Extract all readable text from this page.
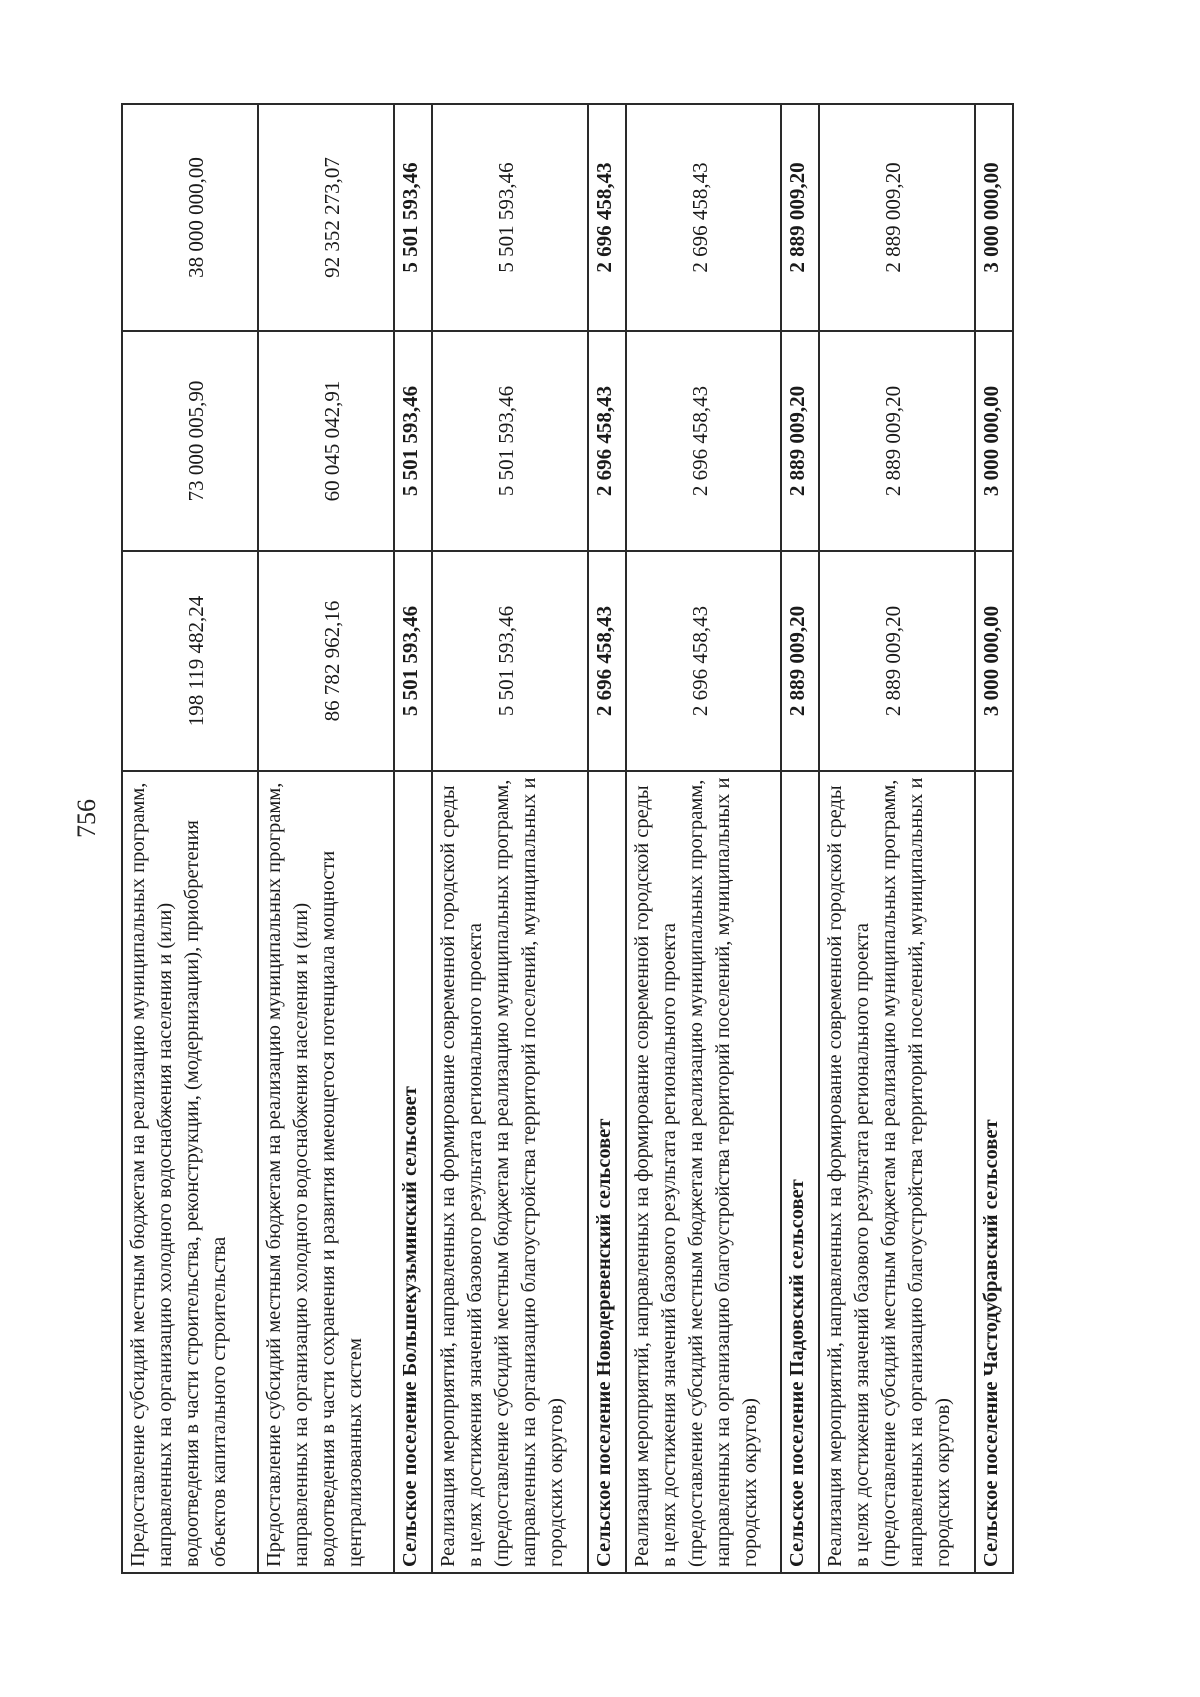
756 Предоставление субсидий местным бюджетам на реализацию муниципальных программ, направленных на организацию холодного водоснабжения населения и (или) водоотведения в части строительства, реконструкции, (модернизации), приобретения объектов капитального строительства	198 119 482,24	73 000 005,90	38 000 000,00
Предоставление субсидий местным бюджетам на реализацию муниципальных программ, направленных на организацию холодного водоснабжения населения и (или) водоотведения в части сохранения и развития имеющегося потенциала мощности централизованных систем	86 782 962,16	60 045 042,91	92 352 273,07
Сельское поселение Большекузьминский сельсовет	5 501 593,46	5 501 593,46	5 501 593,46
Реализация мероприятий, направленных на формирование современной городской среды в целях достижения значений базового результата регионального проекта (предоставление субсидий местным бюджетам на реализацию муниципальных программ, направленных на организацию благоустройства территорий поселений, муниципальных и городских округов)	5 501 593,46	5 501 593,46	5 501 593,46
Сельское поселение Новодеревенский сельсовет	2 696 458,43	2 696 458,43	2 696 458,43
Реализация мероприятий, направленных на формирование современной городской среды в целях достижения значений базового результата регионального проекта (предоставление субсидий местным бюджетам на реализацию муниципальных программ, направленных на организацию благоустройства территорий поселений, муниципальных и городских округов)	2 696 458,43	2 696 458,43	2 696 458,43
Сельское поселение Падовский сельсовет	2 889 009,20	2 889 009,20	2 889 009,20
Реализация мероприятий, направленных на формирование современной городской среды в целях достижения значений базового результата регионального проекта (предоставление субсидий местным бюджетам на реализацию муниципальных программ, направленных на организацию благоустройства территорий поселений, муниципальных и городских округов)	2 889 009,20	2 889 009,20	2 889 009,20
Сельское поселение Частодубравский сельсовет	3 000 000,00	3 000 000,00	3 000 000,00
